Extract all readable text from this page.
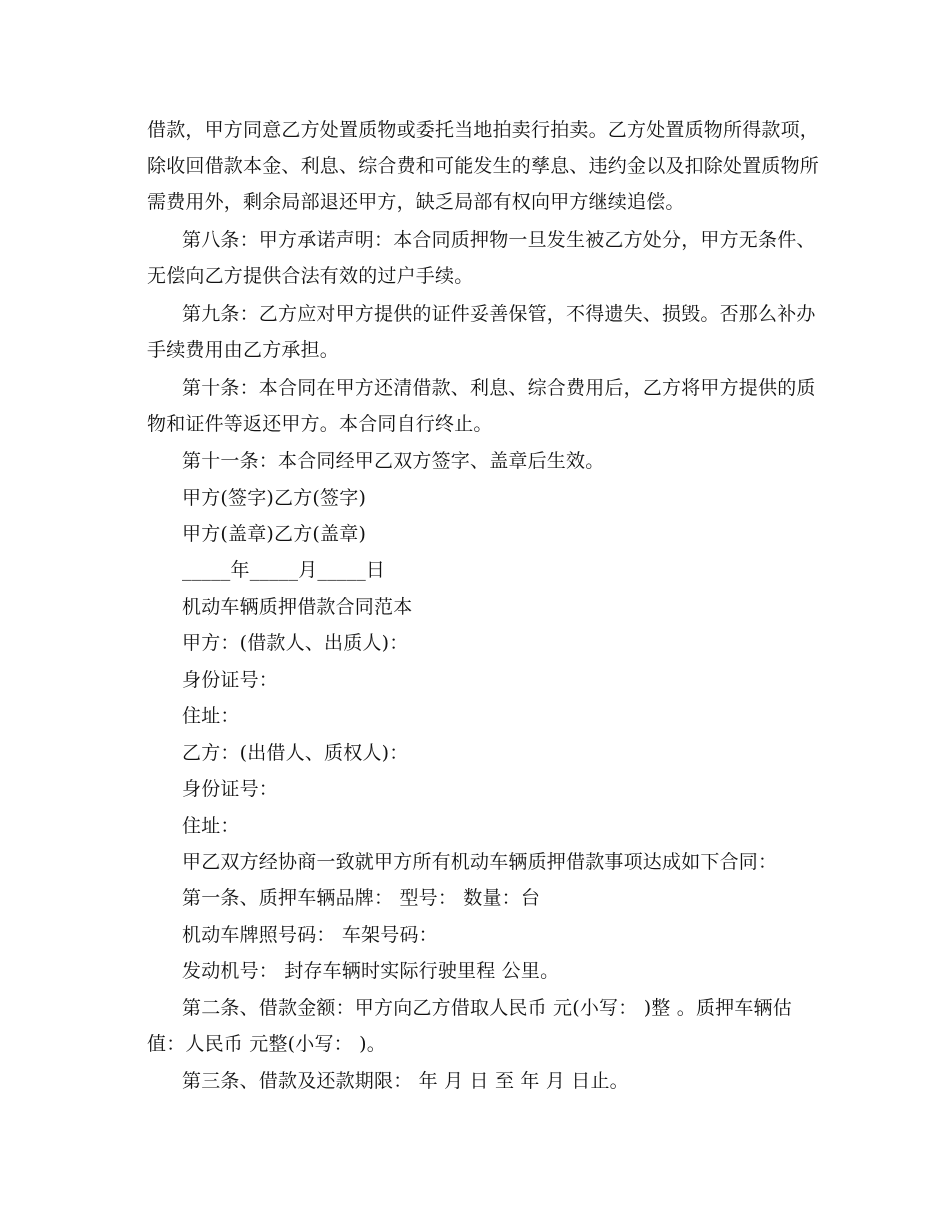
借款，甲方同意乙方处置质物或委托当地拍卖行拍卖。乙方处置质物所得款项，
除收回借款本金、利息、综合费和可能发生的孳息、违约金以及扣除处置质物所
需费用外，剩余局部退还甲方，缺乏局部有权向甲方继续追偿。
第八条：甲方承诺声明：本合同质押物一旦发生被乙方处分，甲方无条件、
无偿向乙方提供合法有效的过户手续。
第九条：乙方应对甲方提供的证件妥善保管，不得遗失、损毁。否那么补办
手续费用由乙方承担。
第十条：本合同在甲方还清借款、利息、综合费用后，乙方将甲方提供的质
物和证件等返还甲方。本合同自行终止。
第十一条：本合同经甲乙双方签字、盖章后生效。
甲方(签字)乙方(签字)
甲方(盖章)乙方(盖章)
_____年_____月_____日
机动车辆质押借款合同范本
甲方：(借款人、出质人)：
身份证号：
住址：
乙方：(出借人、质权人)：
身份证号：
住址：
甲乙双方经协商一致就甲方所有机动车辆质押借款事项达成如下合同：
第一条、质押车辆品牌： 型号： 数量：台
机动车牌照号码： 车架号码：
发动机号： 封存车辆时实际行驶里程 公里。
第二条、借款金额：甲方向乙方借取人民币 元(小写： )整 。质押车辆估
值：人民币 元整(小写： )。
第三条、借款及还款期限： 年 月 日 至 年 月 日止。
